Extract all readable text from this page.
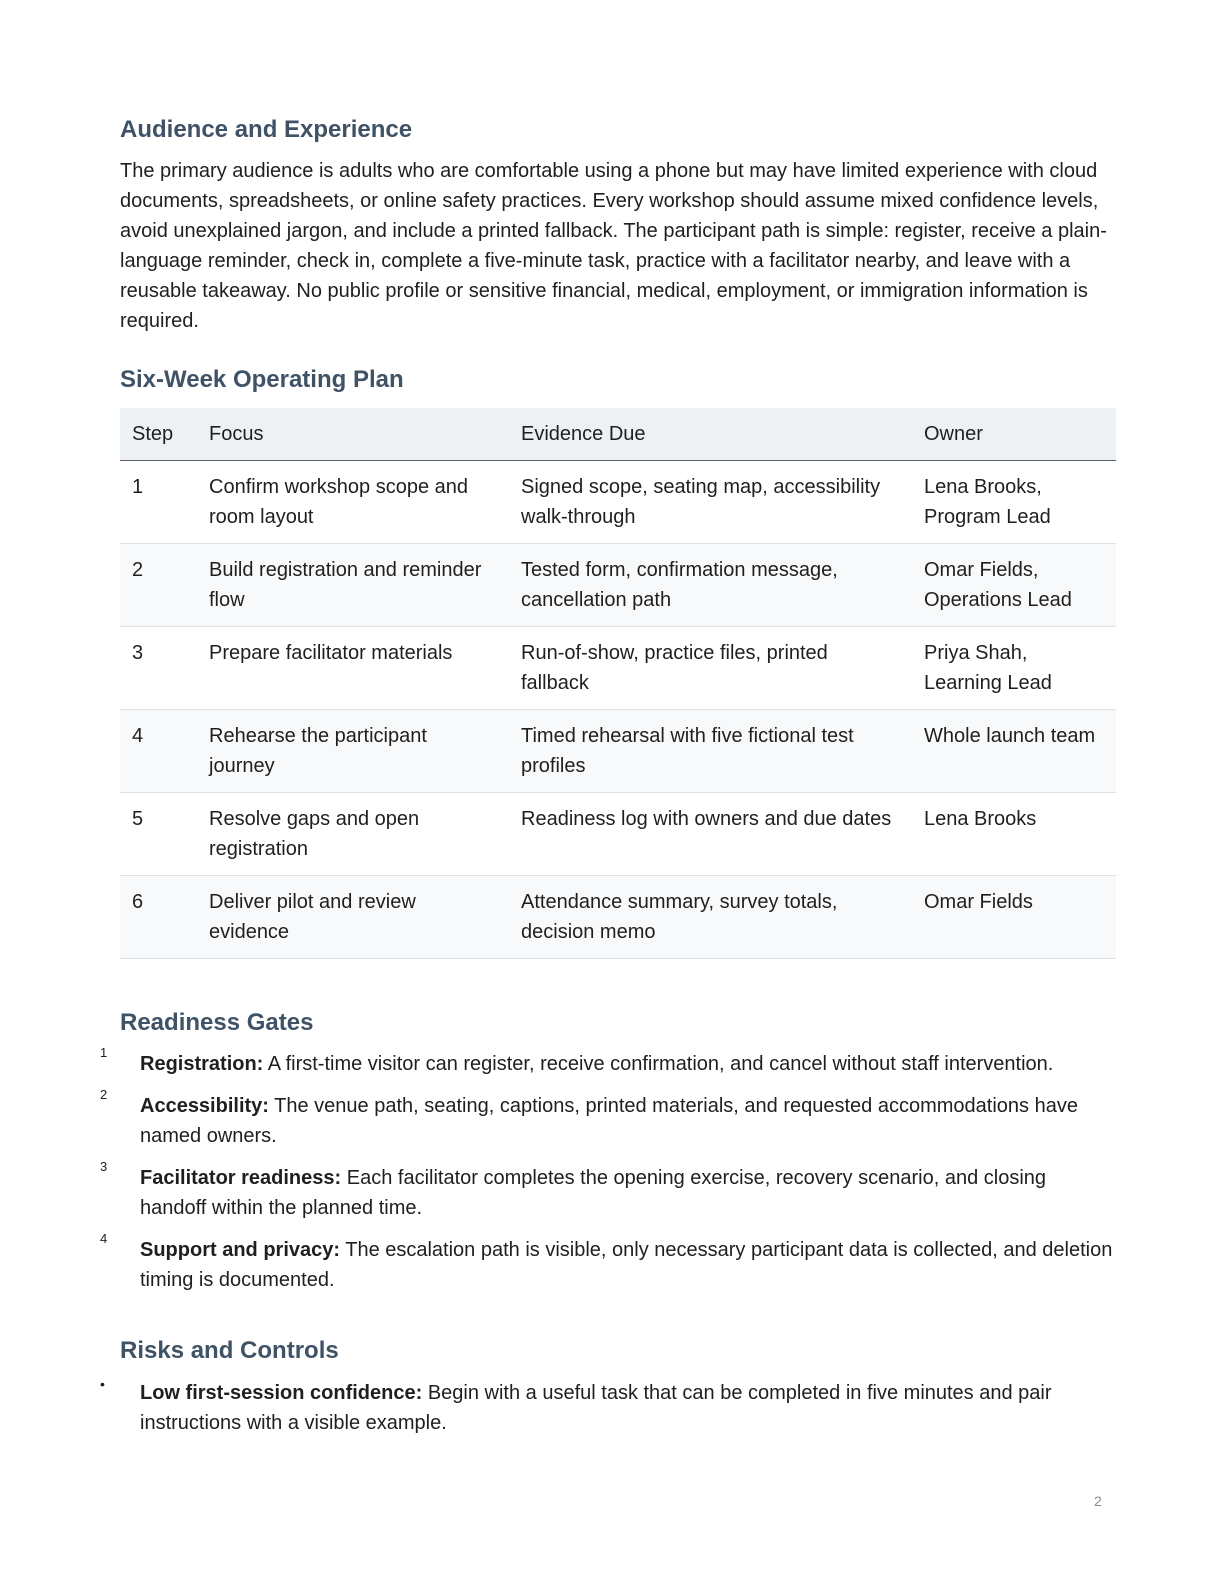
Audience and Experience

The primary audience is adults who are comfortable using a phone but may have limited experience with cloud documents, spreadsheets, or online safety practices. Every workshop should assume mixed confidence levels, avoid unexplained jargon, and include a printed fallback. The participant path is simple: register, receive a plain-language reminder, check in, complete a five-minute task, practice with a facilitator nearby, and leave with a reusable takeaway. No public profile or sensitive financial, medical, employment, or immigration information is required.

Six-Week Operating Plan
Step	Focus	Evidence Due	Owner
1	Confirm workshop scope and room layout	Signed scope, seating map, accessibility walk-through	Lena Brooks, Program Lead
2	Build registration and reminder flow	Tested form, confirmation message, cancellation path	Omar Fields, Operations Lead
3	Prepare facilitator materials	Run-of-show, practice files, printed fallback	Priya Shah, Learning Lead
4	Rehearse the participant journey	Timed rehearsal with five fictional test profiles	Whole launch team
5	Resolve gaps and open registration	Readiness log with owners and due dates	Lena Brooks
6	Deliver pilot and review evidence	Attendance summary, survey totals, decision memo	Omar Fields
Readiness Gates
1
Registration: A first-time visitor can register, receive confirmation, and cancel without staff intervention.
2
Accessibility: The venue path, seating, captions, printed materials, and requested accommodations have named owners.
3
Facilitator readiness: Each facilitator completes the opening exercise, recovery scenario, and closing handoff within the planned time.
4
Support and privacy: The escalation path is visible, only necessary participant data is collected, and deletion timing is documented.
Risks and Controls
• Low first-session confidence: Begin with a useful task that can be completed in five minutes and pair instructions with a visible example.
2
